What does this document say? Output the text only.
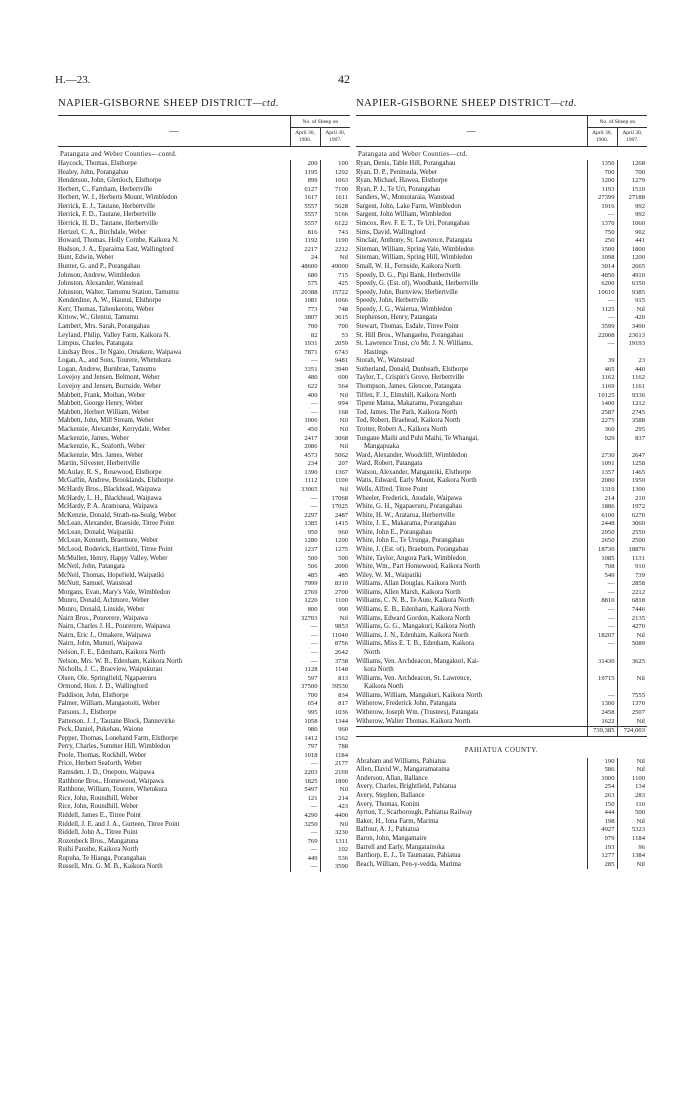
H.—23.	42
NAPIER-GISBORNE SHEEP DISTRICT—ctd.
—	No. of Sheep on	
	April 30, 1906.	April 30, 1907.
Patangata and Weber Counties—contd.		
Haycock, Thomas, Elsthorpe	200	100
Healey, John, Porangahau	1195	1292
Henderson, John, Glenloch, Elsthorpe	899	1063
Herbert, C., Farnham, Herbertville	6127	7100
Herbert, W. J., Herberts Mount, Wimbledon	1617	1611
Herrick, E. J., Tautane, Herbertville	5557	5628
Herrick, F. D., Tautane, Herbertville	5557	5166
Herrick, H. D., Tautane, Herbertville	5557	6122
Hertzel, C. A., Birchdale, Weber	816	743
Howard, Thomas, Holly Combe, Kaikora N.	1192	1190
Hudson, J. A., Eparaima East, Wallingford	2217	2212
Hunt, Edwin, Weber	24	Nil
Hunter, G. and P., Porangahau	48600	49000
Johnson, Andrew, Wimbledon	680	715
Johnston, Alexander, Wanstead	575	425
Johnston, Walter, Tamumu Station, Tamumu	20388	15722
Kenderdine, A. W., Haunui, Elsthorpe	1081	1066
Kerr, Thomas, Tahoukerotu, Weber	773	748
Kittow, W., Glentui, Tamumu	3807	3615
Lambert, Mrs. Sarah, Porangahau	700	700
Leyland, Philip, Valley Farm, Kaikora N.	82	53
Limpus, Charles, Patangata	1931	2059
Lindsay Bros., Te Ngaio, Omakere, Waipawa	7871	6743
Logan, A., and Sons, Tourere, Whetukura	—	9481
Logan, Andrew, Burnbrae, Tamumu	3351	3949
Lovejoy and Jensen, Belmont, Weber	480	600
Lovejoy and Jensen, Burnside, Weber	622	564
Mabbett, Frank, Moiban, Weber	400	Nil
Mabbett, George Henry, Weber	—	994
Mabbett, Herbert William, Weber	—	168
Mabbett, John, Mill Stream, Weber	1006	Nil
Mackenzie, Alexander, Kerrydale, Weber	450	Nil
Mackenzie, James, Weber	2417	3068
Mackenzie, K., Seaforth, Weber	2086	Nil
Mackenzie, Mrs. James, Weber	4573	5062
Martin, Silvester, Herbertville	234	207
McAulay, R. S., Rosewood, Elsthorpe	1390	1367
McGaffin, Andrew, Brooklands, Elsthorpe	1112	1100
McHardy Bros., Blackhead, Waipawa	33065	Nil
McHardy, L. H., Blackhead, Waipawa	—	17068
McHardy, P. A. Aramoana, Waipawa	—	17025
McKenzie, Donald, Strath-na-Sealg, Weber	2297	2487
McLean, Alexander, Braeside, Titree Point	1385	1415
McLean, Donald, Waipatiki	950	960
McLean, Kenneth, Braemore, Weber	1280	1200
McLeod, Roderick, Hartfield, Titree Point	1237	1275
McMullen, Henry, Happy Valley, Weber	500	500
McNeil, John, Patangata	506	2000
McNeil, Thomas, Hopefield, Waipatiki	485	485
McNutt, Samuel, Wanstead	7999	8310
Morgans, Evan, Mary's Vale, Wimbledon	2769	2700
Munro, Donald, Achmore, Weber	1220	1100
Munro, Donald, Linside, Weber	800	900
Nairn Bros., Pourerere, Waipawa	32703	Nil
Nairn, Charles J. H., Pourerere, Waipawa	—	9853
Nairn, Eric J., Omakere, Waipawa	—	11040
Nairn, John, Munuri, Waipawa	—	8756
Nelson, F. E., Edenham, Kaikora North	—	2642
Nelson, Mrs. W. B., Edenham, Kaikora North	—	3738
Nicholls, J. C., Braeview, Waipukurau	1128	1148
Olsen, Ole, Springfield, Ngapaeruru	597	813
Ormond, Hon. J. D., Wallingford	37500	39530
Paddison, John, Elsthorpe	700	834
Palmer, William, Mangaotoiti, Weber	654	817
Parsons, J., Elsthorpe	995	1036
Patterson, J. J., Tautane Block, Dannevirke	1058	1344
Peck, Daniel, Pukehau, Waione	980	960
Pepper, Thomas, Lonehand Farm, Elsthorpe	1412	1562
Perry, Charles, Summer Hill, Wimbledon	797	788
Poole, Thomas, Rockhill, Weber	1018	1184
Price, Herbert Seaforth, Weber	—	2177
Ramsden, J. D., Onepoto, Waipawa	2203	2169
Rathbone Bros., Homewood, Waipawa	1825	1890
Rathbone, William, Tourere, Whetukura	5497	Nil
Rice, John, Roundhill, Weber	121	214
Rice, John, Roundhill, Weber	—	423
Riddell, James E., Titree Point	4290	4400
Riddell, J. E. and J. A., Gurteen, Titree Point	3250	Nil
Riddell, John A., Titree Point	—	3230
Rozenbeck Bros., Mangatuna	769	1311
Ruihi Pareihe, Kaikora North	—	102
Rupuha, Te Hianga, Porangahau	449	536
Russell, Mrs. G. M. B., Kaikora North	—	3590
NAPIER-GISBORNE SHEEP DISTRICT—ctd.
—	No. of Sheep on	
	April 30, 1906.	April 30, 1907.
Patangata and Weber Counties—ctd.		
Ryan, Denis, Table Hill, Porangahau	1350	1268
Ryan, D. P., Peninsula, Weber	700	700
Ryan, Michael, Hawea, Elsthorpe	1200	1279
Ryan, P. J., Te Uri, Porangahau	1193	1510
Sanders, W., Motuotaraia, Wanstead	27399	27188
Sargent, John, Lake Farm, Wimbledon	1916	992
Sargent, John William, Wimbledon	—	992
Simcox, Rev. F. E. T., Te Uri, Porangahau	1370	1060
Sims, David, Wallingford	750	902
Sinclair, Anthony, St. Lawrence, Patangata	250	441
Siteman, William, Spring Vale, Wimbledon	1500	1800
Siteman, William, Spring Hill, Wimbledon	1098	1200
Small, W. H., Fernside, Kaikora North	3014	2665
Speedy, D. G., Pipi Bank, Herbertville	4850	4910
Speedy, G. (Est. of), Woodbank, Herbertville	6200	6350
Speedy, John, Burnview, Herbertville	10610	9385
Speedy, John, Herbertville	—	915
Speedy, J. G., Waierua, Wimbledon	1125	Nil
Stephenson, Henry, Patangata	—	420
Stewart, Thomas, Esdale, Titree Point	3599	3490
St. Hill Bros., Whangaehu, Porangahau	22008	23613
St. Lawrence Trust, c/o Mr. J. N. Williams,	—	19193
Hastings		
Storah, W., Wanstead	39	23
Sutherland, Donald, Dunbeath, Elsthorpe	465	440
Taylor, T., Crispin's Grove, Herbertville	1162	1162
Thompson, James, Glencoe, Patangata	1169	1161
Tiffen, F. J., Elmshill, Kaikora North	10125	9336
Tipene Matua, Makaramu, Porangahau	1400	1212
Tod, James, The Park, Kaikora North	2587	2745
Tod, Robert, Braehead, Kaikora North	2275	3588
Trotter, Robert A., Kaikora North	360	295
Tungane Maihi and Puhi Maihi, Te Whangai,	929	837
Mangapuaka		
Ward, Alexander, Woodcliff, Wimbledon	2730	2647
Ward, Robert, Patangata	1091	1258
Watson, Alexander, Mangateiki, Elsthorpe	1357	1465
Watts, Edward, Early Mount, Kaikora North	2000	1950
Wells, Alfred, Titree Point	1319	1300
Wheeler, Frederick, Ansdale, Waipawa	214	210
White, G. H., Ngapaeruru, Porangahau	1886	1972
White, H. W., Aratarua, Herbertville	6100	6270
White, J. E., Makarama, Porangahau	2448	3060
White, John E., Porangahau	2950	2550
White, John E., Te Urunga, Porangahau	2650	2500
White, J. (Est. of), Braeburn, Porangahau	18730	18870
White, Taylor, Angora Park, Wimbledon	1085	1131
White, Wm., Part Homewood, Kaikora North	708	910
Wiley, W. M., Waipatiki	549	739
Williams, Allan Douglas, Kaikora North	—	2858
Williams, Allen Marsh, Kaikora North	—	2212
Williams, C. N. B., Te Aute, Kaikora North	8810	6818
Williams, E. B., Edenham, Kaikora North	—	7446
Williams, Edward Gordon, Kaikora North	—	2135
Williams, G. G., Mangakuri, Kaikora North	—	4270
Williams, J. N., Edenham, Kaikora North	18207	Nil
Williams, Miss E. T. B., Edenham, Kaikora	—	5089
North		
Williams, Ven. Archdeacon, Mangakuri, Kai-	31430	3625
kora North		
Williams, Ven. Archdeacon, St. Lawrence,	19715	Nil
Kaikora North		
Williams, William, Mangakuri, Kaikora North	—	7555
Witherow, Frederick John, Patangata	1300	1370
Witherow, Joseph Wm. (Trustees), Patangata	2458	2507
Witherow, Walter Thomas, Kaikora North	1622	Nil
	739,385	724,003

PAHIATUA COUNTY.		
Abraham and Williams, Pahiatua	190	Nil
Allen, David W., Mangaramarama	586	Nil
Anderson, Allan, Ballance	1000	1100
Avery, Charles, Brightfield, Pahiatua	254	134
Avery, Stephen, Ballance	263	283
Avery, Thomas, Konini	150	110
Ayrton, T., Scarborough, Pahiatua Railway	444	500
Baker, H., Iona Farm, Marima	198	Nil
Balfour, A. J., Pahiatua	4927	5323
Baron, John, Mangamaire	979	1184
Barrell and Early, Mangatainoka	193	96
Barthorp, E. J., Te Taumatau, Pahiatua	1277	1384
Beach, William, Pen-y-vedda, Marima	285	Nil
